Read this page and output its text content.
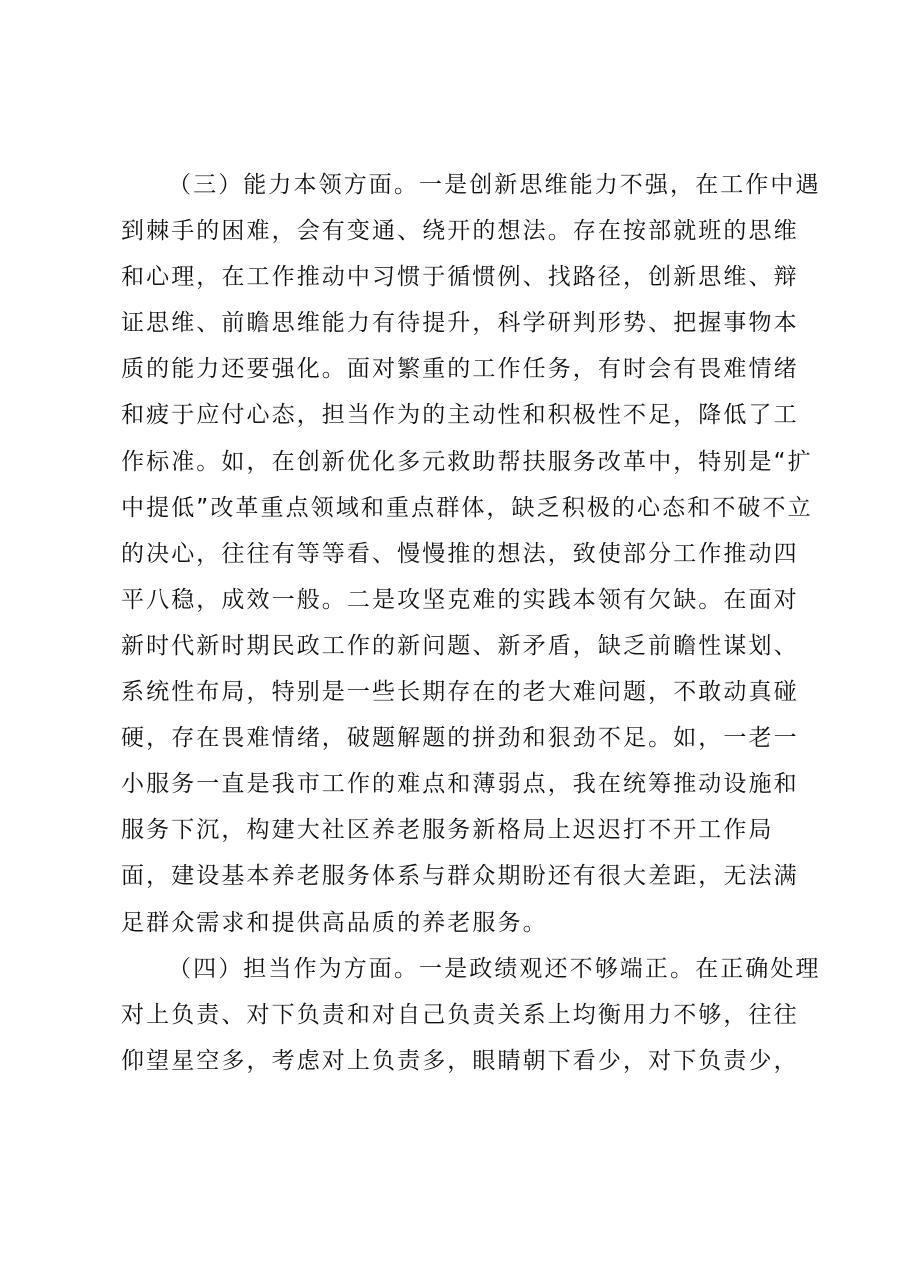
（三）能力本领方面。一是创新思维能力不强，在工作中遇
到棘手的困难，会有变通、绕开的想法。存在按部就班的思维
和心理，在工作推动中习惯于循惯例、找路径，创新思维、辩
证思维、前瞻思维能力有待提升，科学研判形势、把握事物本
质的能力还要强化。面对繁重的工作任务，有时会有畏难情绪
和疲于应付心态，担当作为的主动性和积极性不足，降低了工
作标准。如，在创新优化多元救助帮扶服务改革中，特别是“扩
中提低”改革重点领域和重点群体，缺乏积极的心态和不破不立
的决心，往往有等等看、慢慢推的想法，致使部分工作推动四
平八稳，成效一般。二是攻坚克难的实践本领有欠缺。在面对
新时代新时期民政工作的新问题、新矛盾，缺乏前瞻性谋划、
系统性布局，特别是一些长期存在的老大难问题，不敢动真碰
硬，存在畏难情绪，破题解题的拼劲和狠劲不足。如，一老一
小服务一直是我市工作的难点和薄弱点，我在统筹推动设施和
服务下沉，构建大社区养老服务新格局上迟迟打不开工作局
面，建设基本养老服务体系与群众期盼还有很大差距，无法满
足群众需求和提供高品质的养老服务。
（四）担当作为方面。一是政绩观还不够端正。在正确处理
对上负责、对下负责和对自己负责关系上均衡用力不够，往往
仰望星空多，考虑对上负责多，眼睛朝下看少，对下负责少，
